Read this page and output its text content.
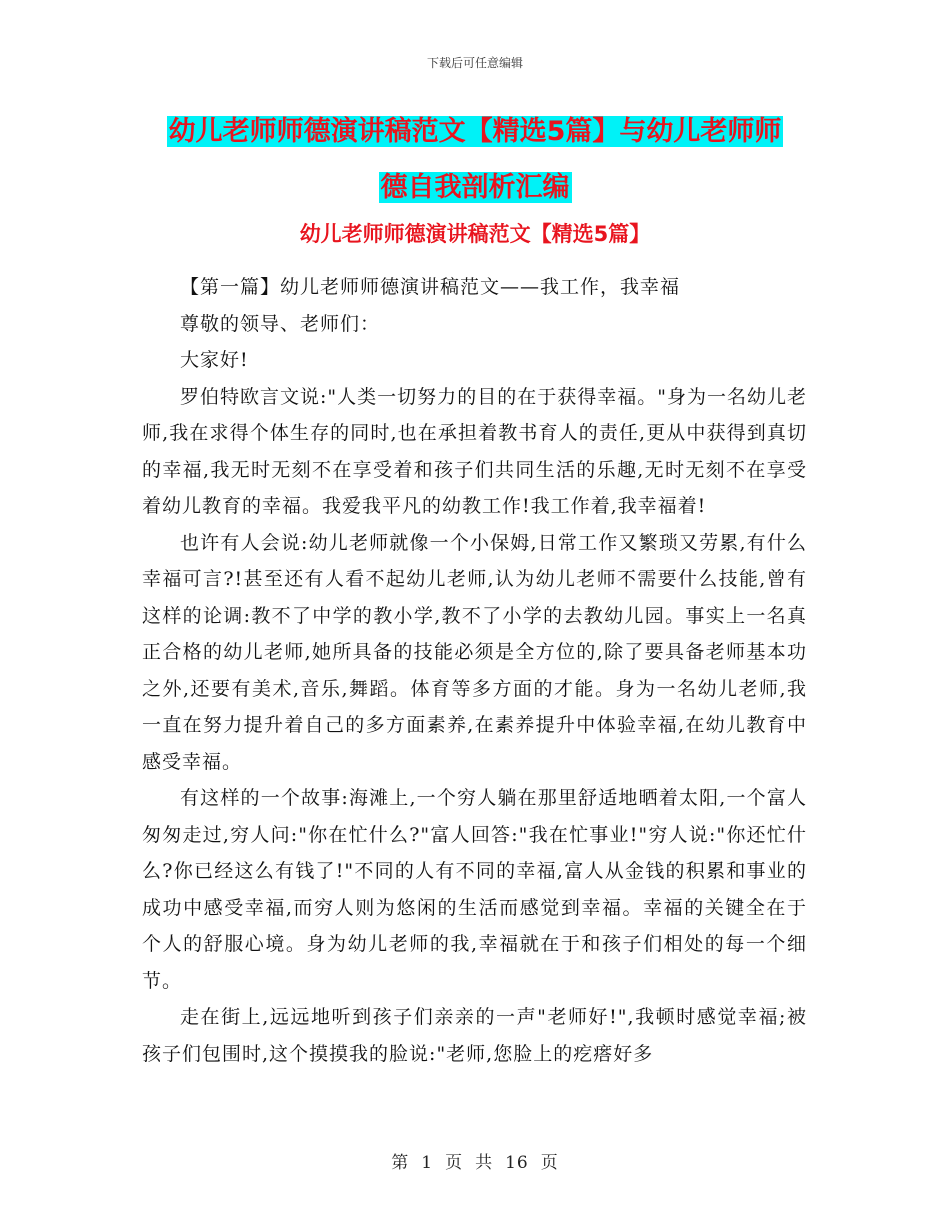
下载后可任意编辑
幼儿老师师德演讲稿范文【精选5篇】与幼儿老师师
德自我剖析汇编
幼儿老师师德演讲稿范文【精选5篇】

【第一篇】幼儿老师师德演讲稿范文——我工作，我幸福

尊敬的领导、老师们：

大家好!

罗伯特欧言文说:"人类一切努力的目的在于获得幸福。"身为一名幼儿老师,我在求得个体生存的同时,也在承担着教书育人的责任,更从中获得到真切的幸福,我无时无刻不在享受着和孩子们共同生活的乐趣,无时无刻不在享受着幼儿教育的幸福。我爱我平凡的幼教工作!我工作着,我幸福着!

也许有人会说:幼儿老师就像一个小保姆,日常工作又繁琐又劳累,有什么幸福可言?!甚至还有人看不起幼儿老师,认为幼儿老师不需要什么技能,曾有这样的论调:教不了中学的教小学,教不了小学的去教幼儿园。事实上一名真正合格的幼儿老师,她所具备的技能必须是全方位的,除了要具备老师基本功之外,还要有美术,音乐,舞蹈。体育等多方面的才能。身为一名幼儿老师,我一直在努力提升着自己的多方面素养,在素养提升中体验幸福,在幼儿教育中感受幸福。

有这样的一个故事:海滩上,一个穷人躺在那里舒适地晒着太阳,一个富人匆匆走过,穷人问:"你在忙什么?"富人回答:"我在忙事业!"穷人说:"你还忙什么?你已经这么有钱了!"不同的人有不同的幸福,富人从金钱的积累和事业的成功中感受幸福,而穷人则为悠闲的生活而感觉到幸福。幸福的关键全在于个人的舒服心境。身为幼儿老师的我,幸福就在于和孩子们相处的每一个细节。

走在街上,远远地听到孩子们亲亲的一声"老师好!",我顿时感觉幸福;被孩子们包围时,这个摸摸我的脸说:"老师,您脸上的疙瘩好多

第 1 页 共 16 页
